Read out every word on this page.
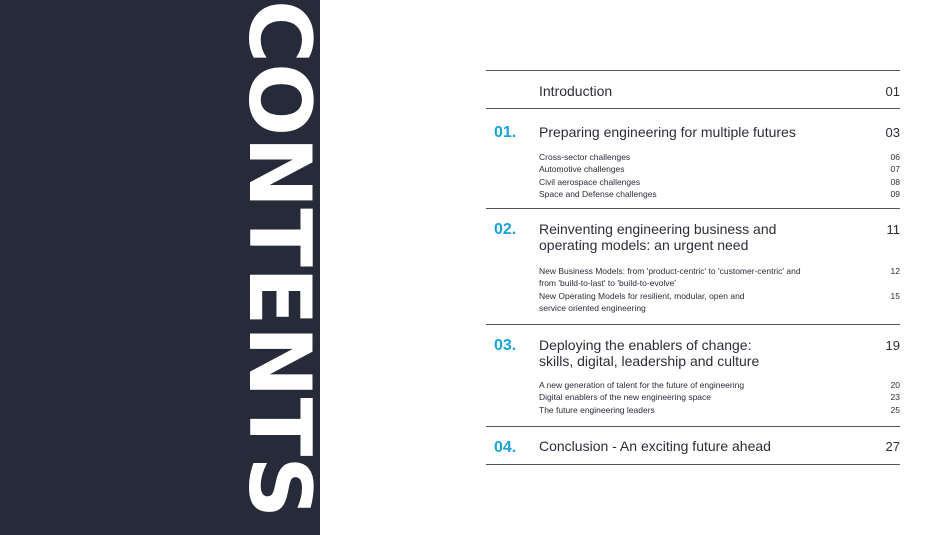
CONTENTS	Introduction	01
01. Preparing engineering for multiple futures	03
Cross-sector challenges	06
Automotive challenges	07
Civil aerospace challenges	08
Space and Defense challenges	09
02. Reinventing engineering business and
operating models: an urgent need
11
New Business Models: from 'product-centric' to 'customer-centric' and
from 'build-to-last' to 'build-to-evolve'
12
New Operating Models for resilient, modular, open and
service oriented engineering
15
03. Deploying the enablers of change:
skills, digital, leadership and culture
19
A new generation of talent for the future of engineering	20
Digital enablers of the new engineering space	23
The future engineering leaders	25
04. Conclusion - An exciting future ahead	27
